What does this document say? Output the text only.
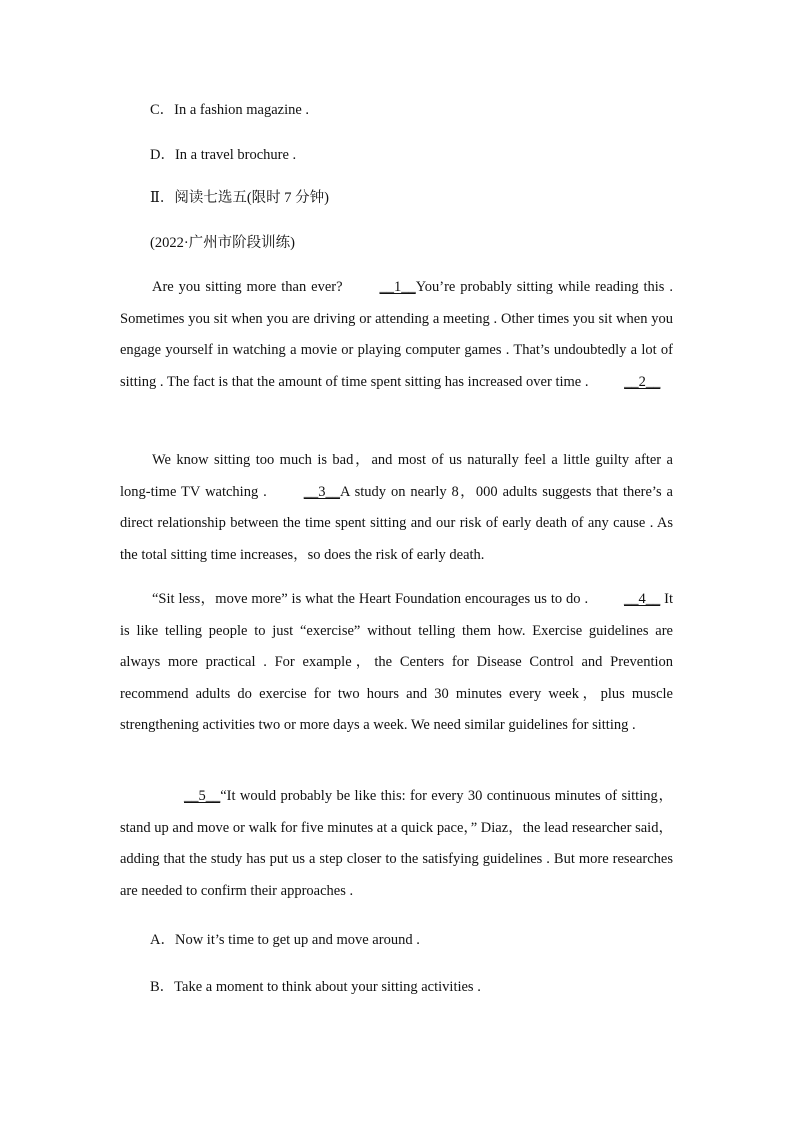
C．In a fashion magazine .
D．In a travel brochure .
Ⅱ．阅读七选五(限时 7 分钟)
(2022·广州市阶段训练)

Are you sitting more than ever? __1__You’re probably sitting while reading this . Sometimes you sit when you are driving or attending a meeting . Other times you sit when you engage yourself in watching a movie or playing computer games . That’s undoubtedly a lot of sitting . The fact is that the amount of time spent sitting has increased over time . __2__

We know sitting too much is bad，and most of us naturally feel a little guilty after a long-time TV watching . __3__A study on nearly 8，000 adults suggests that there’s a direct relationship between the time spent sitting and our risk of early death of any cause . As the total sitting time increases，so does the risk of early death.

“Sit less，move more” is what the Heart Foundation encourages us to do . __4__ It is like telling people to just “exercise” without telling them how. Exercise guidelines are always more practical . For example，the Centers for Disease Control and Prevention recommend adults do exercise for two hours and 30 minutes every week，plus muscle strengthening activities two or more days a week. We need similar guidelines for sitting .

__5__“It would probably be like this: for every 30 continuous minutes of sitting，stand up and move or walk for five minutes at a quick pace，” Diaz，the lead researcher said，adding that the study has put us a step closer to the satisfying guidelines . But more researches are needed to confirm their approaches .

A．Now it’s time to get up and move around .
B．Take a moment to think about your sitting activities .
